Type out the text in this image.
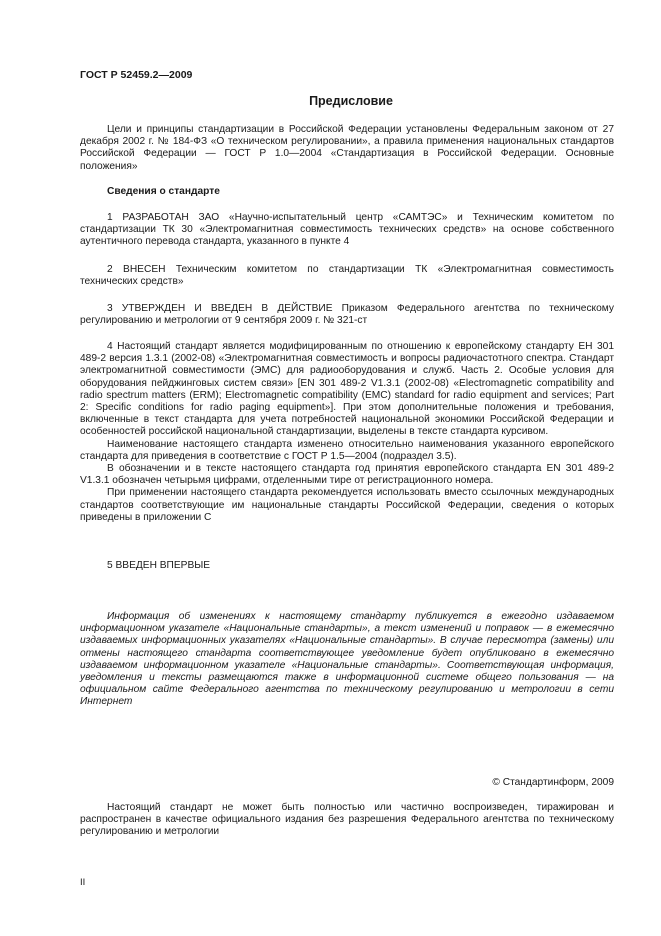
ГОСТ Р 52459.2—2009
Предисловие

Цели и принципы стандартизации в Российской Федерации установлены Федеральным законом от 27 декабря 2002 г. № 184-ФЗ «О техническом регулировании», а правила применения национальных стандартов Российской Федерации — ГОСТ Р 1.0—2004 «Стандартизация в Российской Федерации. Основные положения»

Сведения о стандарте

1 РАЗРАБОТАН ЗАО «Научно-испытательный центр «САМТЭС» и Техническим комитетом по стандартизации ТК 30 «Электромагнитная совместимость технических средств» на основе собственного аутентичного перевода стандарта, указанного в пункте 4

2 ВНЕСЕН Техническим комитетом по стандартизации ТК «Электромагнитная совместимость технических средств»

3 УТВЕРЖДЕН И ВВЕДЕН В ДЕЙСТВИЕ Приказом Федерального агентства по техническому регулированию и метрологии от 9 сентября 2009 г. № 321-ст

4 Настоящий стандарт является модифицированным по отношению к европейскому стандарту ЕН 301 489-2 версия 1.3.1 (2002-08) «Электромагнитная совместимость и вопросы радиочастотного спектра. Стандарт электромагнитной совместимости (ЭМС) для радиооборудования и служб. Часть 2. Особые условия для оборудования пейджинговых систем связи» [EN 301 489-2 V1.3.1 (2002-08) «Electromagnetic compatibility and radio spectrum matters (ERM); Electromagnetic compatibility (EMC) standard for radio equipment and services; Part 2: Specific conditions for radio paging equipment»]. При этом дополнительные положения и требования, включенные в текст стандарта для учета потребностей национальной экономики Российской Федерации и особенностей российской национальной стандартизации, выделены в тексте стандарта курсивом.

Наименование настоящего стандарта изменено относительно наименования указанного европейского стандарта для приведения в соответствие с ГОСТ Р 1.5—2004 (подраздел 3.5).

В обозначении и в тексте настоящего стандарта год принятия европейского стандарта EN 301 489-2 V1.3.1 обозначен четырьмя цифрами, отделенными тире от регистрационного номера.

При применении настоящего стандарта рекомендуется использовать вместо ссылочных международных стандартов соответствующие им национальные стандарты Российской Федерации, сведения о которых приведены в приложении С

5 ВВЕДЕН ВПЕРВЫЕ

Информация об изменениях к настоящему стандарту публикуется в ежегодно издаваемом информационном указателе «Национальные стандарты», а текст изменений и поправок — в ежемесячно издаваемых информационных указателях «Национальные стандарты». В случае пересмотра (замены) или отмены настоящего стандарта соответствующее уведомление будет опубликовано в ежемесячно издаваемом информационном указателе «Национальные стандарты». Соответствующая информация, уведомления и тексты размещаются также в информационной системе общего пользования — на официальном сайте Федерального агентства по техническому регулированию и метрологии в сети Интернет

© Стандартинформ, 2009

Настоящий стандарт не может быть полностью или частично воспроизведен, тиражирован и распространен в качестве официального издания без разрешения Федерального агентства по техническому регулированию и метрологии

II
